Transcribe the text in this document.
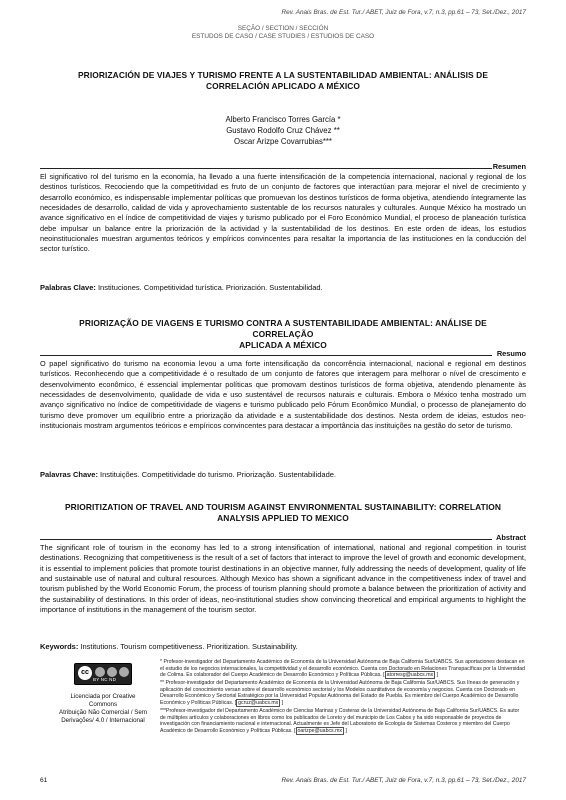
Rev. Anais Bras. de Est. Tur./ ABET, Juiz de Fora, v.7, n.3, pp.61 – 73, Set./Dez., 2017
SEÇÃO / SECTION / SECCIÓN
ESTUDOS DE CASO / CASE STUDIES / ESTUDIOS DE CASO
PRIORIZACIÓN DE VIAJES Y TURISMO FRENTE A LA SUSTENTABILIDAD AMBIENTAL: ANÁLISIS DE
CORRELACIÓN APLICADO A MÉXICO
Alberto Francisco Torres García *
Gustavo Rodolfo Cruz Chávez **
Oscar Arizpe Covarrubias***
Resumen

El significativo rol del turismo en la economía, ha llevado a una fuerte intensificación de la competencia internacional, nacional y regional de los destinos turísticos. Recociendo que la competitividad es fruto de un conjunto de factores que interactúan para mejorar el nivel de crecimiento y desarrollo económico, es indispensable implementar políticas que promuevan los destinos turísticos de forma objetiva, atendiendo íntegramente las necesidades de desarrollo, calidad de vida y aprovechamiento sustentable de los recursos naturales y culturales. Aunque México ha mostrado un avance significativo en el índice de competitividad de viajes y turismo publicado por el Foro Económico Mundial, el proceso de planeación turística debe impulsar un balance entre la priorización de la actividad y la sustentabilidad de los destinos. En este orden de ideas, los estudios neoinstitucionales muestran argumentos teóricos y empíricos convincentes para resaltar la importancia de las instituciones en la conducción del sector turístico.

Palabras Clave: Instituciones. Competitividad turística. Priorización. Sustentabilidad.
PRIORIZAÇÃO DE VIAGENS E TURISMO CONTRA A SUSTENTABILIDADE AMBIENTAL: ANÁLISE DE CORRELAÇÃO
APLICADA A MÉXICO
Resumo

O papel significativo do turismo na economia levou a uma forte intensificação da concorrência internacional, nacional e regional em destinos turísticos. Reconhecendo que a competitividade é o resultado de um conjunto de fatores que interagem para melhorar o nível de crescimento e desenvolvimento econômico, é essencial implementar políticas que promovam destinos turísticos de forma objetiva, atendendo plenamente às necessidades de desenvolvimento, qualidade de vida e uso sustentável de recursos naturais e culturais. Embora o México tenha mostrado um avanço significativo no índice de competitividade de viagens e turismo publicado pelo Fórum Econômico Mundial, o processo de planejamento do turismo deve promover um equilíbrio entre a priorização da atividade e a sustentabilidade dos destinos. Nesta ordem de ideias, estudos neo-institucionais mostram argumentos teóricos e empíricos convincentes para destacar a importância das instituições na gestão do setor de turismo.

Palavras Chave: Instituições. Competitividade do turismo. Priorização. Sustentabilidade.
PRIORITIZATION OF TRAVEL AND TOURISM AGAINST ENVIRONMENTAL SUSTAINABILITY: CORRELATION
ANALYSIS APPLIED TO MEXICO
Abstract

The significant role of tourism in the economy has led to a strong intensification of international, national and regional competition in tourist destinations. Recognizing that competitiveness is the result of a set of factors that interact to improve the level of growth and economic development, it is essential to implement policies that promote tourist destinations in an objective manner, fully addressing the needs of development, quality of life and sustainable use of natural and cultural resources. Although Mexico has shown a significant advance in the competitiveness index of travel and tourism published by the World Economic Forum, the process of tourism planning should promote a balance between the prioritization of activity and the sustainability of destinations. In this order of ideas, neo-institutional studies show convincing theoretical and empirical arguments to highlight the importance of institutions in the management of the tourism sector.

Keywords: Institutions. Tourism competitiveness. Prioritization. Sustainability.
cc
BY NC ND
Licenciada por Creative Commons
Atribuição Não Comercial / Sem
Derivações/ 4.0 / Internacional

* Profesor-investigador del Departamento Académico de Economía de la Universidad Autónoma de Baja California Sur/UABCS. Sus aportaciones destacan en el estudio de los negocios internacionales, la competitividad y el desarrollo económico. Cuenta con Doctorado en Relaciones Transpacíficas por la Universidad de Colima. Es colaborador del Cuerpo Académico de Desarrollo Económico y Políticas Públicas. [ atorresg@uabcs.mx ]

** Profesor-investigador del Departamento Académico de Economía de la Universidad Autónoma de Baja California Sur/UABCS. Sus líneas de generación y aplicación del conocimiento versan sobre el desarrollo económico sectorial y los Modelos cuantitativos de economía y negocios. Cuenta con Doctorado en Desarrollo Económico y Sectorial Estratégico por la Universidad Popular Autónoma del Estado de Puebla. Es miembro del Cuerpo Académico de Desarrollo Económico y Políticas Públicas. [ gcruz@uabcs.mx ]

***Profesor-investigador del Departamento Académico de Ciencias Marinas y Costeras de la Universidad Autónoma de Baja California Sur/UABCS. Es autor de múltiples artículos y colaboraciones en libros como los publicados de Loreto y del municipio de Los Cabos y ha sido responsable de proyectos de investigación con financiamiento nacional e internacional. Actualmente es Jefe del Laboratorio de Ecología de Sistemas Costeros y miembro del Cuerpo Académico de Desarrollo Económico y Políticas Públicas. [ oarizpe@uabcs.mx ]

61	Rev. Anais Bras. de Est. Tur./ ABET, Juiz de Fora, v.7, n.3, pp.61 – 73, Set./Dez., 2017
